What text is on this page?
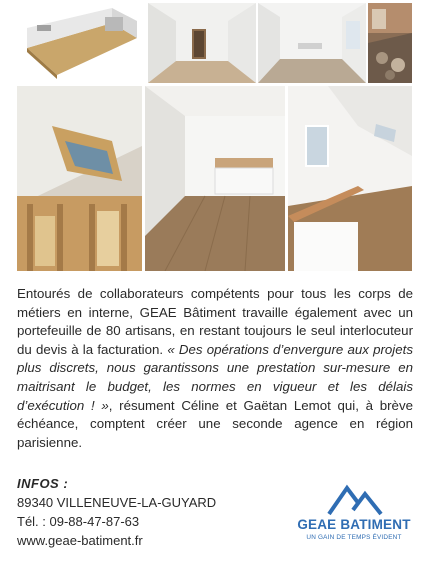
Entourés de collaborateurs compétents pour tous les corps de métiers en interne, GEAE Bâtiment travaille également avec un portefeuille de 80 artisans, en restant toujours le seul interlocuteur du devis à la facturation. « Des opérations d’envergure aux projets plus discrets, nous garantissons une prestation sur-mesure en maitrisant le budget, les normes en vigueur et les délais d’exécution ! », résument Céline et Gaëtan Lemot qui, à brève échéance, comptent créer une seconde agence en région parisienne.

INFOS :
89340 VILLENEUVE-LA-GUYARD
Tél. : 09-88-47-87-63
www.geae-batiment.fr
GEAE BATIMENT
UN GAIN DE TEMPS ÉVIDENT
